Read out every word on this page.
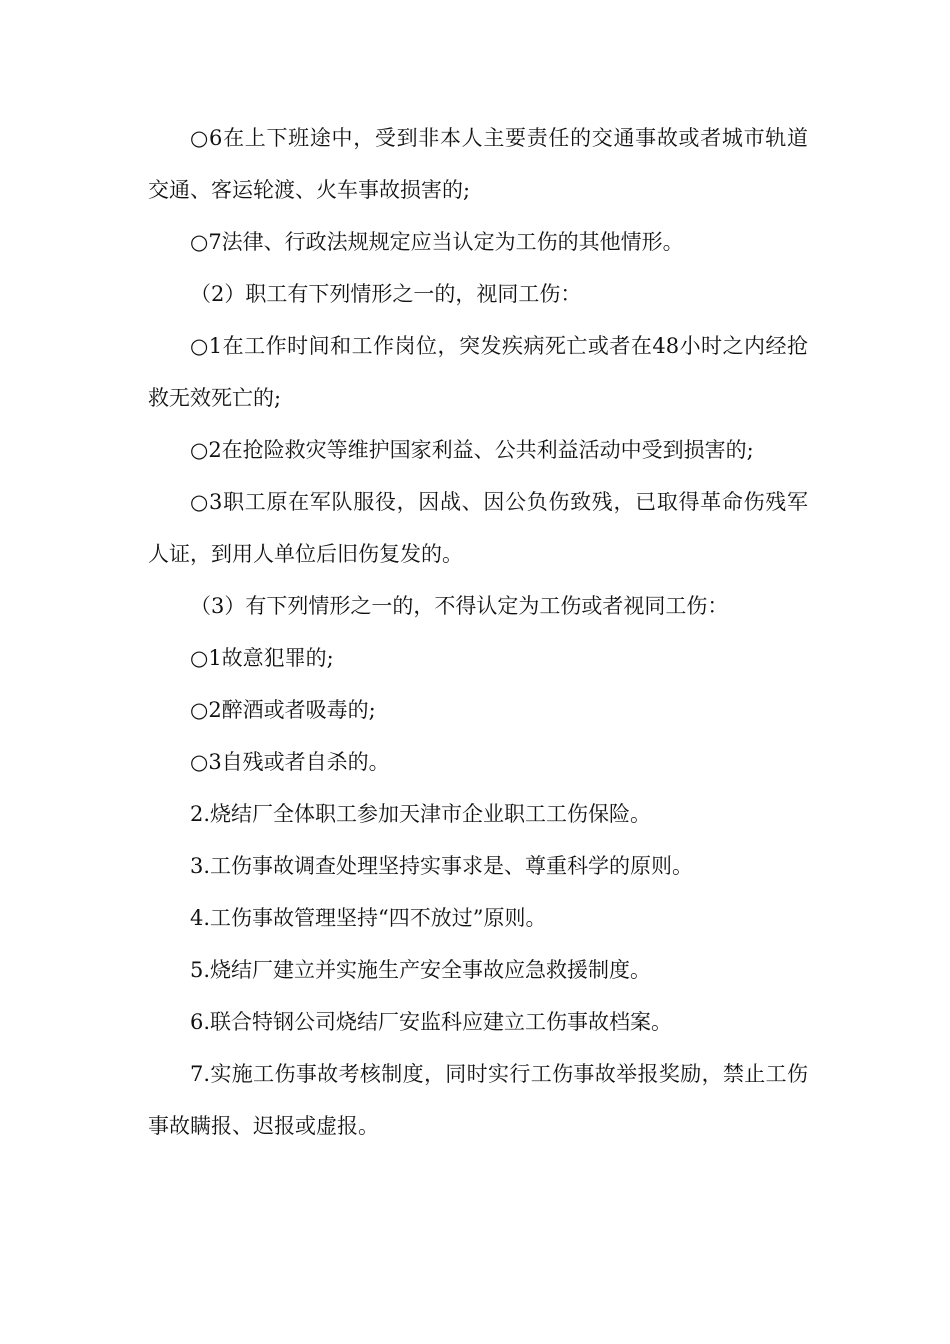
○6在上下班途中，受到非本人主要责任的交通事故或者城市轨道交通、客运轮渡、火车事故损害的;

○7法律、行政法规规定应当认定为工伤的其他情形。

（2）职工有下列情形之一的，视同工伤：

○1在工作时间和工作岗位，突发疾病死亡或者在48小时之内经抢救无效死亡的;

○2在抢险救灾等维护国家利益、公共利益活动中受到损害的;

○3职工原在军队服役，因战、因公负伤致残，已取得革命伤残军人证，到用人单位后旧伤复发的。

（3）有下列情形之一的，不得认定为工伤或者视同工伤：

○1故意犯罪的;

○2醉酒或者吸毒的;

○3自残或者自杀的。

2.烧结厂全体职工参加天津市企业职工工伤保险。

3.工伤事故调查处理坚持实事求是、尊重科学的原则。

4.工伤事故管理坚持“四不放过”原则。

5.烧结厂建立并实施生产安全事故应急救援制度。

6.联合特钢公司烧结厂安监科应建立工伤事故档案。

7.实施工伤事故考核制度，同时实行工伤事故举报奖励，禁止工伤事故瞒报、迟报或虚报。
